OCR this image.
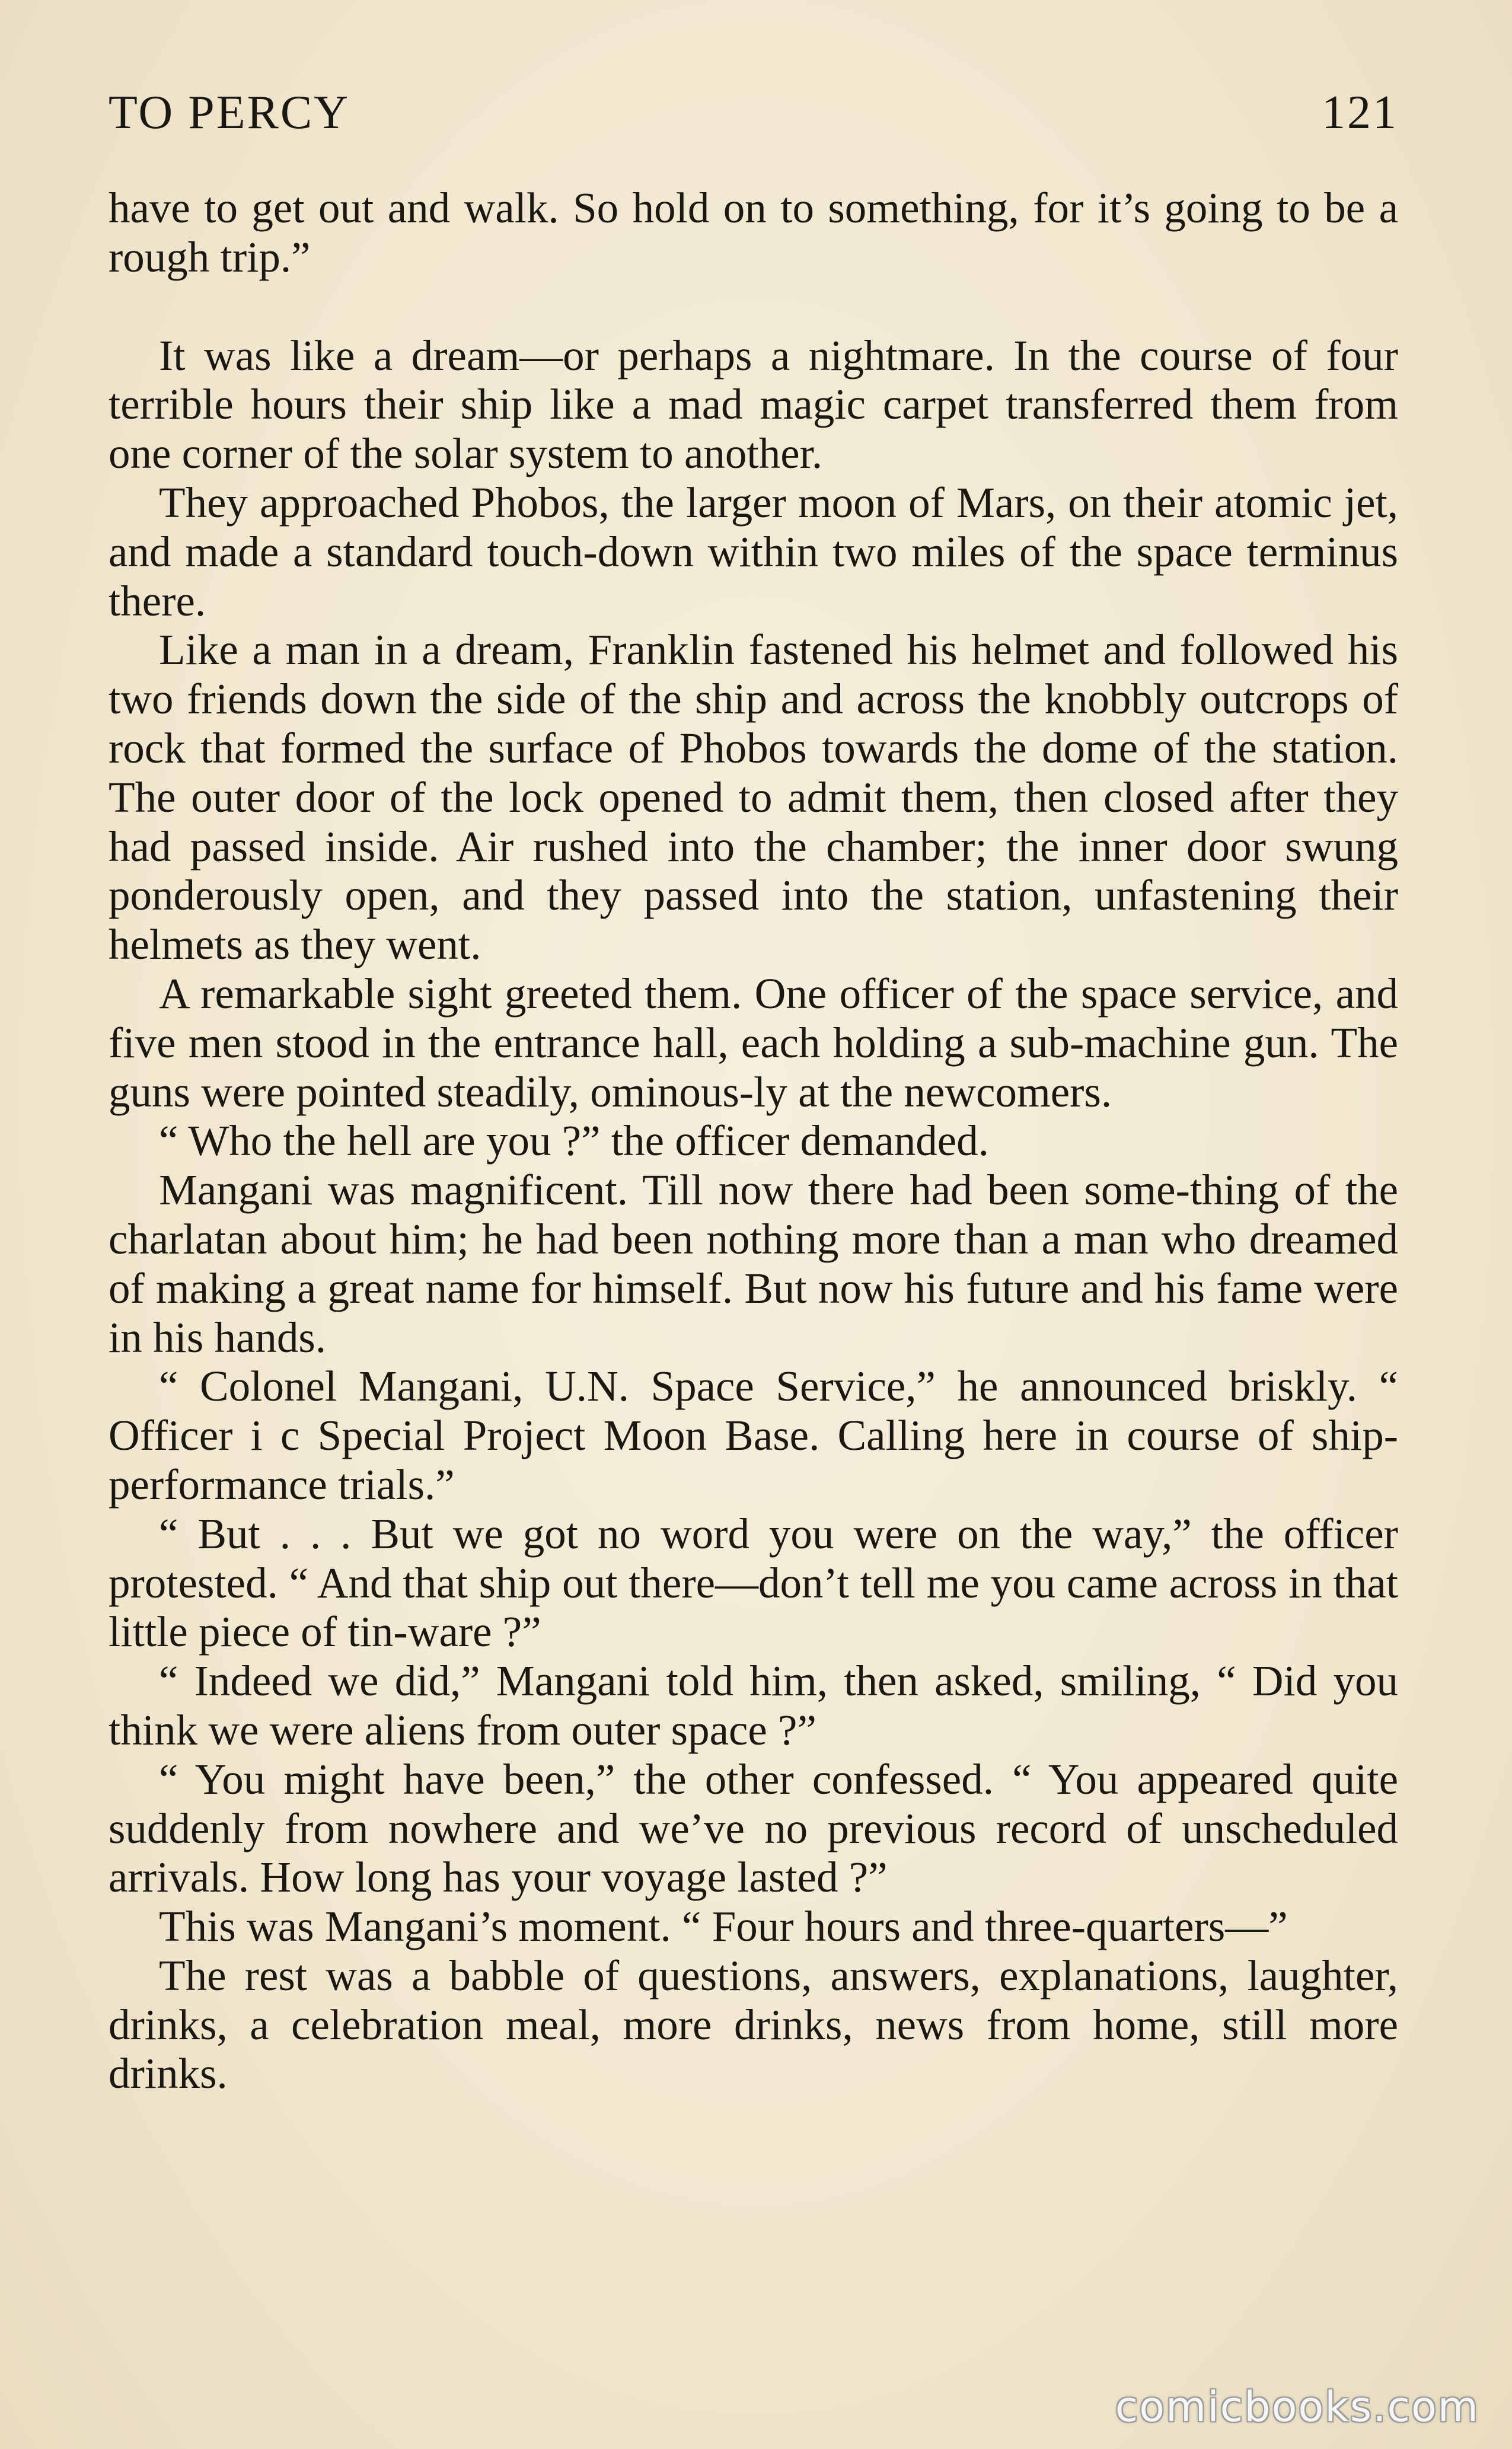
TO PERCY	121

have to get out and walk. So hold on to something, for it’s going to be a rough trip.”

It was like a dream—or perhaps a nightmare. In the course of four terrible hours their ship like a mad magic carpet transferred them from one corner of the solar system to another.

They approached Phobos, the larger moon of Mars, on their atomic jet, and made a standard touch-down within two miles of the space terminus there.

Like a man in a dream, Franklin fastened his helmet and followed his two friends down the side of the ship and across the knobbly outcrops of rock that formed the surface of Phobos towards the dome of the station. The outer door of the lock opened to admit them, then closed after they had passed inside. Air rushed into the chamber; the inner door swung ponderously open, and they passed into the station, unfastening their helmets as they went.

A remarkable sight greeted them. One officer of the space service, and five men stood in the entrance hall, each holding a sub-machine gun. The guns were pointed steadily, ominous-ly at the newcomers.

“ Who the hell are you ?” the officer demanded.

Mangani was magnificent. Till now there had been some-thing of the charlatan about him; he had been nothing more than a man who dreamed of making a great name for himself. But now his future and his fame were in his hands.

“ Colonel Mangani, U.N. Space Service,” he announced briskly. “ Officer i c Special Project Moon Base. Calling here in course of ship-performance trials.”

“ But . . . But we got no word you were on the way,” the officer protested. “ And that ship out there—don’t tell me you came across in that little piece of tin-ware ?”

“ Indeed we did,” Mangani told him, then asked, smiling, “ Did you think we were aliens from outer space ?”

“ You might have been,” the other confessed. “ You appeared quite suddenly from nowhere and we’ve no previous record of unscheduled arrivals. How long has your voyage lasted ?”

This was Mangani’s moment. “ Four hours and three-quarters—”

The rest was a babble of questions, answers, explanations, laughter, drinks, a celebration meal, more drinks, news from home, still more drinks.

comicbooks.com
